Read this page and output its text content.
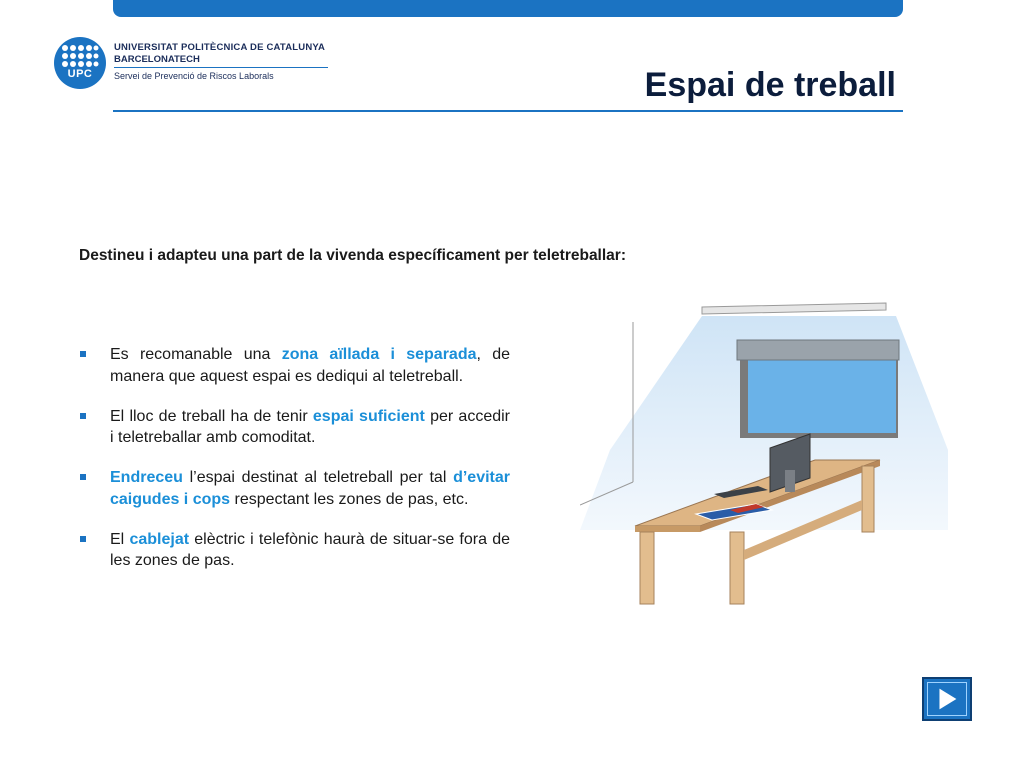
UPC
UNIVERSITAT POLITÈCNICA DE CATALUNYA
BARCELONATECH
Servei de Prevenció de Riscos Laborals	Espai de treball
Destineu i adapteu una part de la vivenda específicament per teletreballar:
Es recomanable una zona aïllada i separada, de manera que aquest espai es dediqui al teletreball.
El lloc de treball ha de tenir espai suficient per accedir i teletreballar amb comoditat.
Endreceu l’espai destinat al teletreball per tal d’evitar caigudes i cops respectant les zones de pas, etc.
El cablejat elèctric i telefònic haurà de situar-se fora de les zones de pas.
